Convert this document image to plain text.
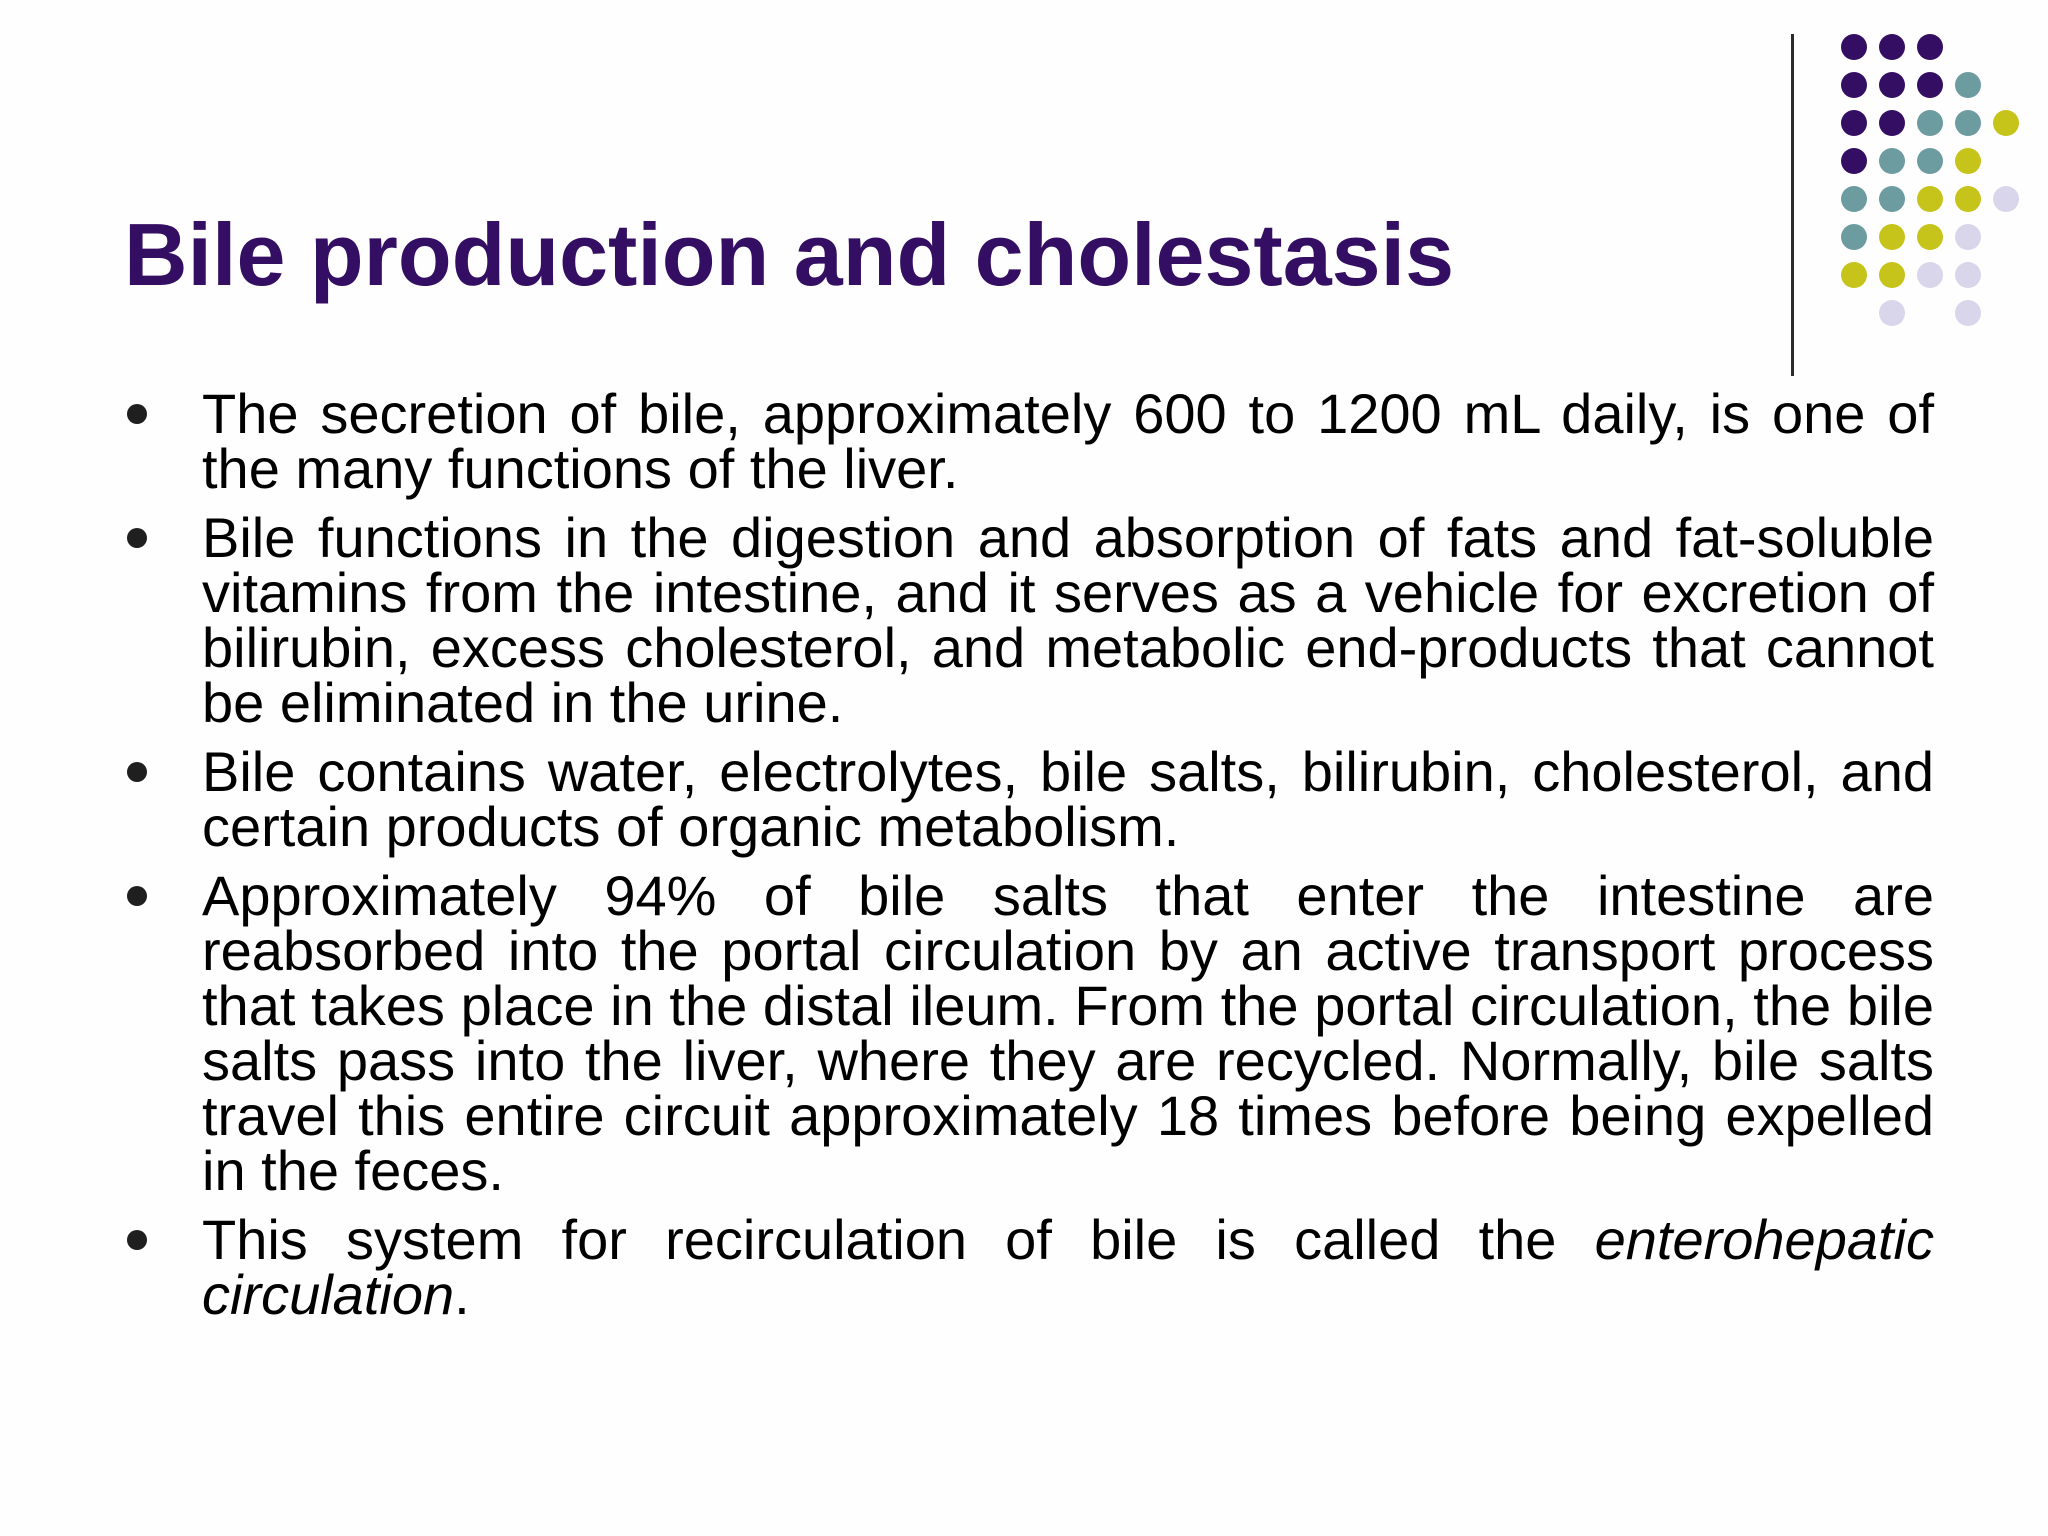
Bile production and cholestasis
The secretion of bile, approximately 600 to 1200 mL daily, is one of the many functions of the liver.
Bile functions in the digestion and absorption of fats and fat-soluble vitamins from the intestine, and it serves as a vehicle for excretion of bilirubin, excess cholesterol, and metabolic end-products that cannot be eliminated in the urine.
Bile contains water, electrolytes, bile salts, bilirubin, cholesterol, and certain products of organic metabolism.
Approximately 94% of bile salts that enter the intestine are reabsorbed into the portal circulation by an active transport process that takes place in the distal ileum. From the portal circulation, the bile salts pass into the liver, where they are recycled. Normally, bile salts travel this entire circuit approximately 18 times before being expelled in the feces.
This system for recirculation of bile is called the enterohepatic circulation.
